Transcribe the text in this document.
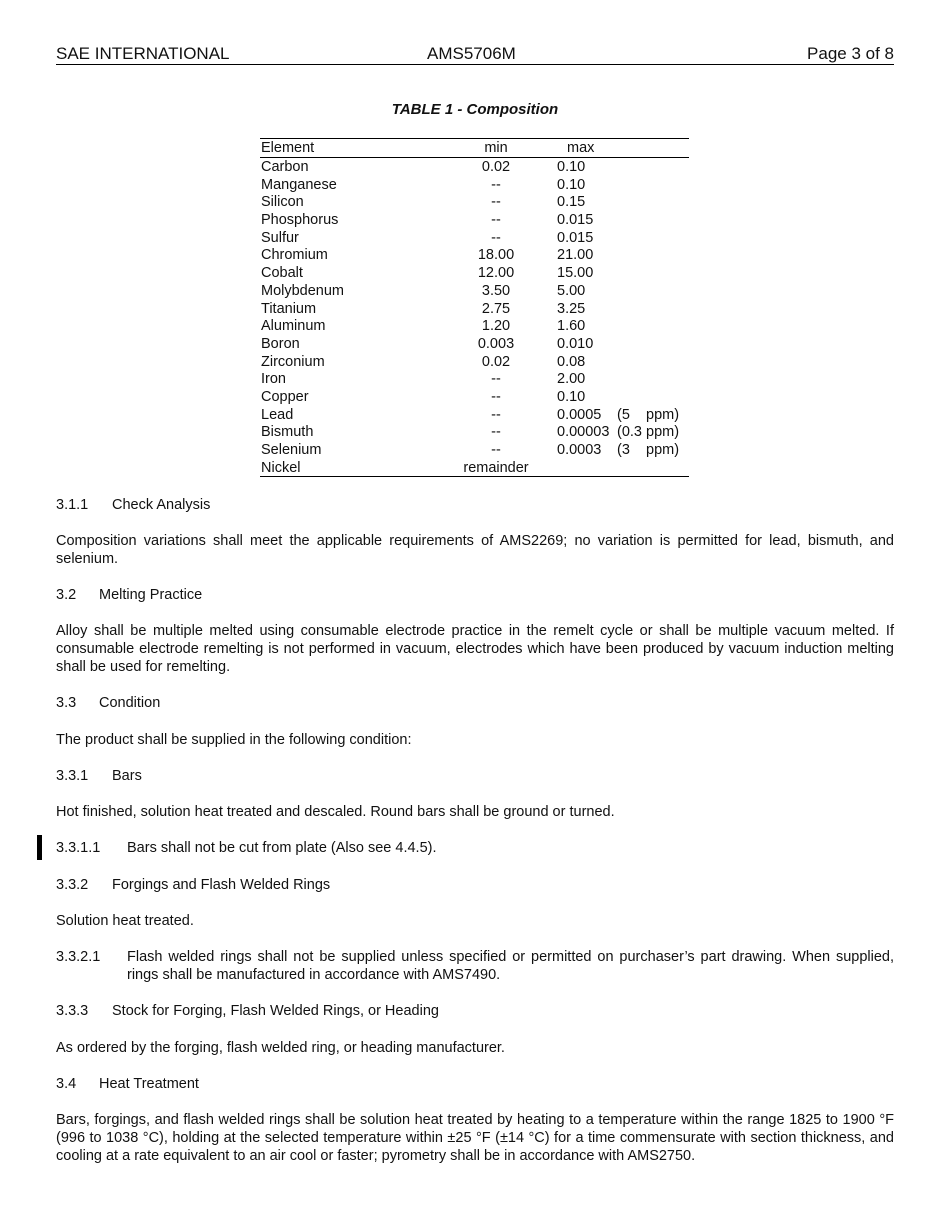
SAE INTERNATIONAL	AMS5706M	Page 3 of 8
TABLE 1 - Composition
Element	min	max
Carbon	0.02	0.10
Manganese	--	0.10
Silicon	--	0.15
Phosphorus	--	0.015
Sulfur	--	0.015
Chromium	18.00	21.00
Cobalt	12.00	15.00
Molybdenum	3.50	5.00
Titanium	2.75	3.25
Aluminum	1.20	1.60
Boron	0.003	0.010
Zirconium	0.02	0.08
Iron	--	2.00
Copper	--	0.10
Lead	--	0.0005 (5    ppm)
Bismuth	--	0.00003 (0.3 ppm)
Selenium	--	0.0003 (3    ppm)
Nickel	remainder
3.1.1 Check Analysis

Composition variations shall meet the applicable requirements of AMS2269; no variation is permitted for lead, bismuth, and selenium.

3.2 Melting Practice

Alloy shall be multiple melted using consumable electrode practice in the remelt cycle or shall be multiple vacuum melted. If consumable electrode remelting is not performed in vacuum, electrodes which have been produced by vacuum induction melting shall be used for remelting.

3.3 Condition

The product shall be supplied in the following condition:

3.3.1 Bars

Hot finished, solution heat treated and descaled. Round bars shall be ground or turned.

3.3.1.1 Bars shall not be cut from plate (Also see 4.4.5).

3.3.2 Forgings and Flash Welded Rings

Solution heat treated.

3.3.2.1 Flash welded rings shall not be supplied unless specified or permitted on purchaser’s part drawing. When supplied, rings shall be manufactured in accordance with AMS7490.

3.3.3 Stock for Forging, Flash Welded Rings, or Heading

As ordered by the forging, flash welded ring, or heading manufacturer.

3.4 Heat Treatment

Bars, forgings, and flash welded rings shall be solution heat treated by heating to a temperature within the range 1825 to 1900 °F (996 to 1038 °C), holding at the selected temperature within ±25 °F (±14 °C) for a time commensurate with section thickness, and cooling at a rate equivalent to an air cool or faster; pyrometry shall be in accordance with AMS2750.
